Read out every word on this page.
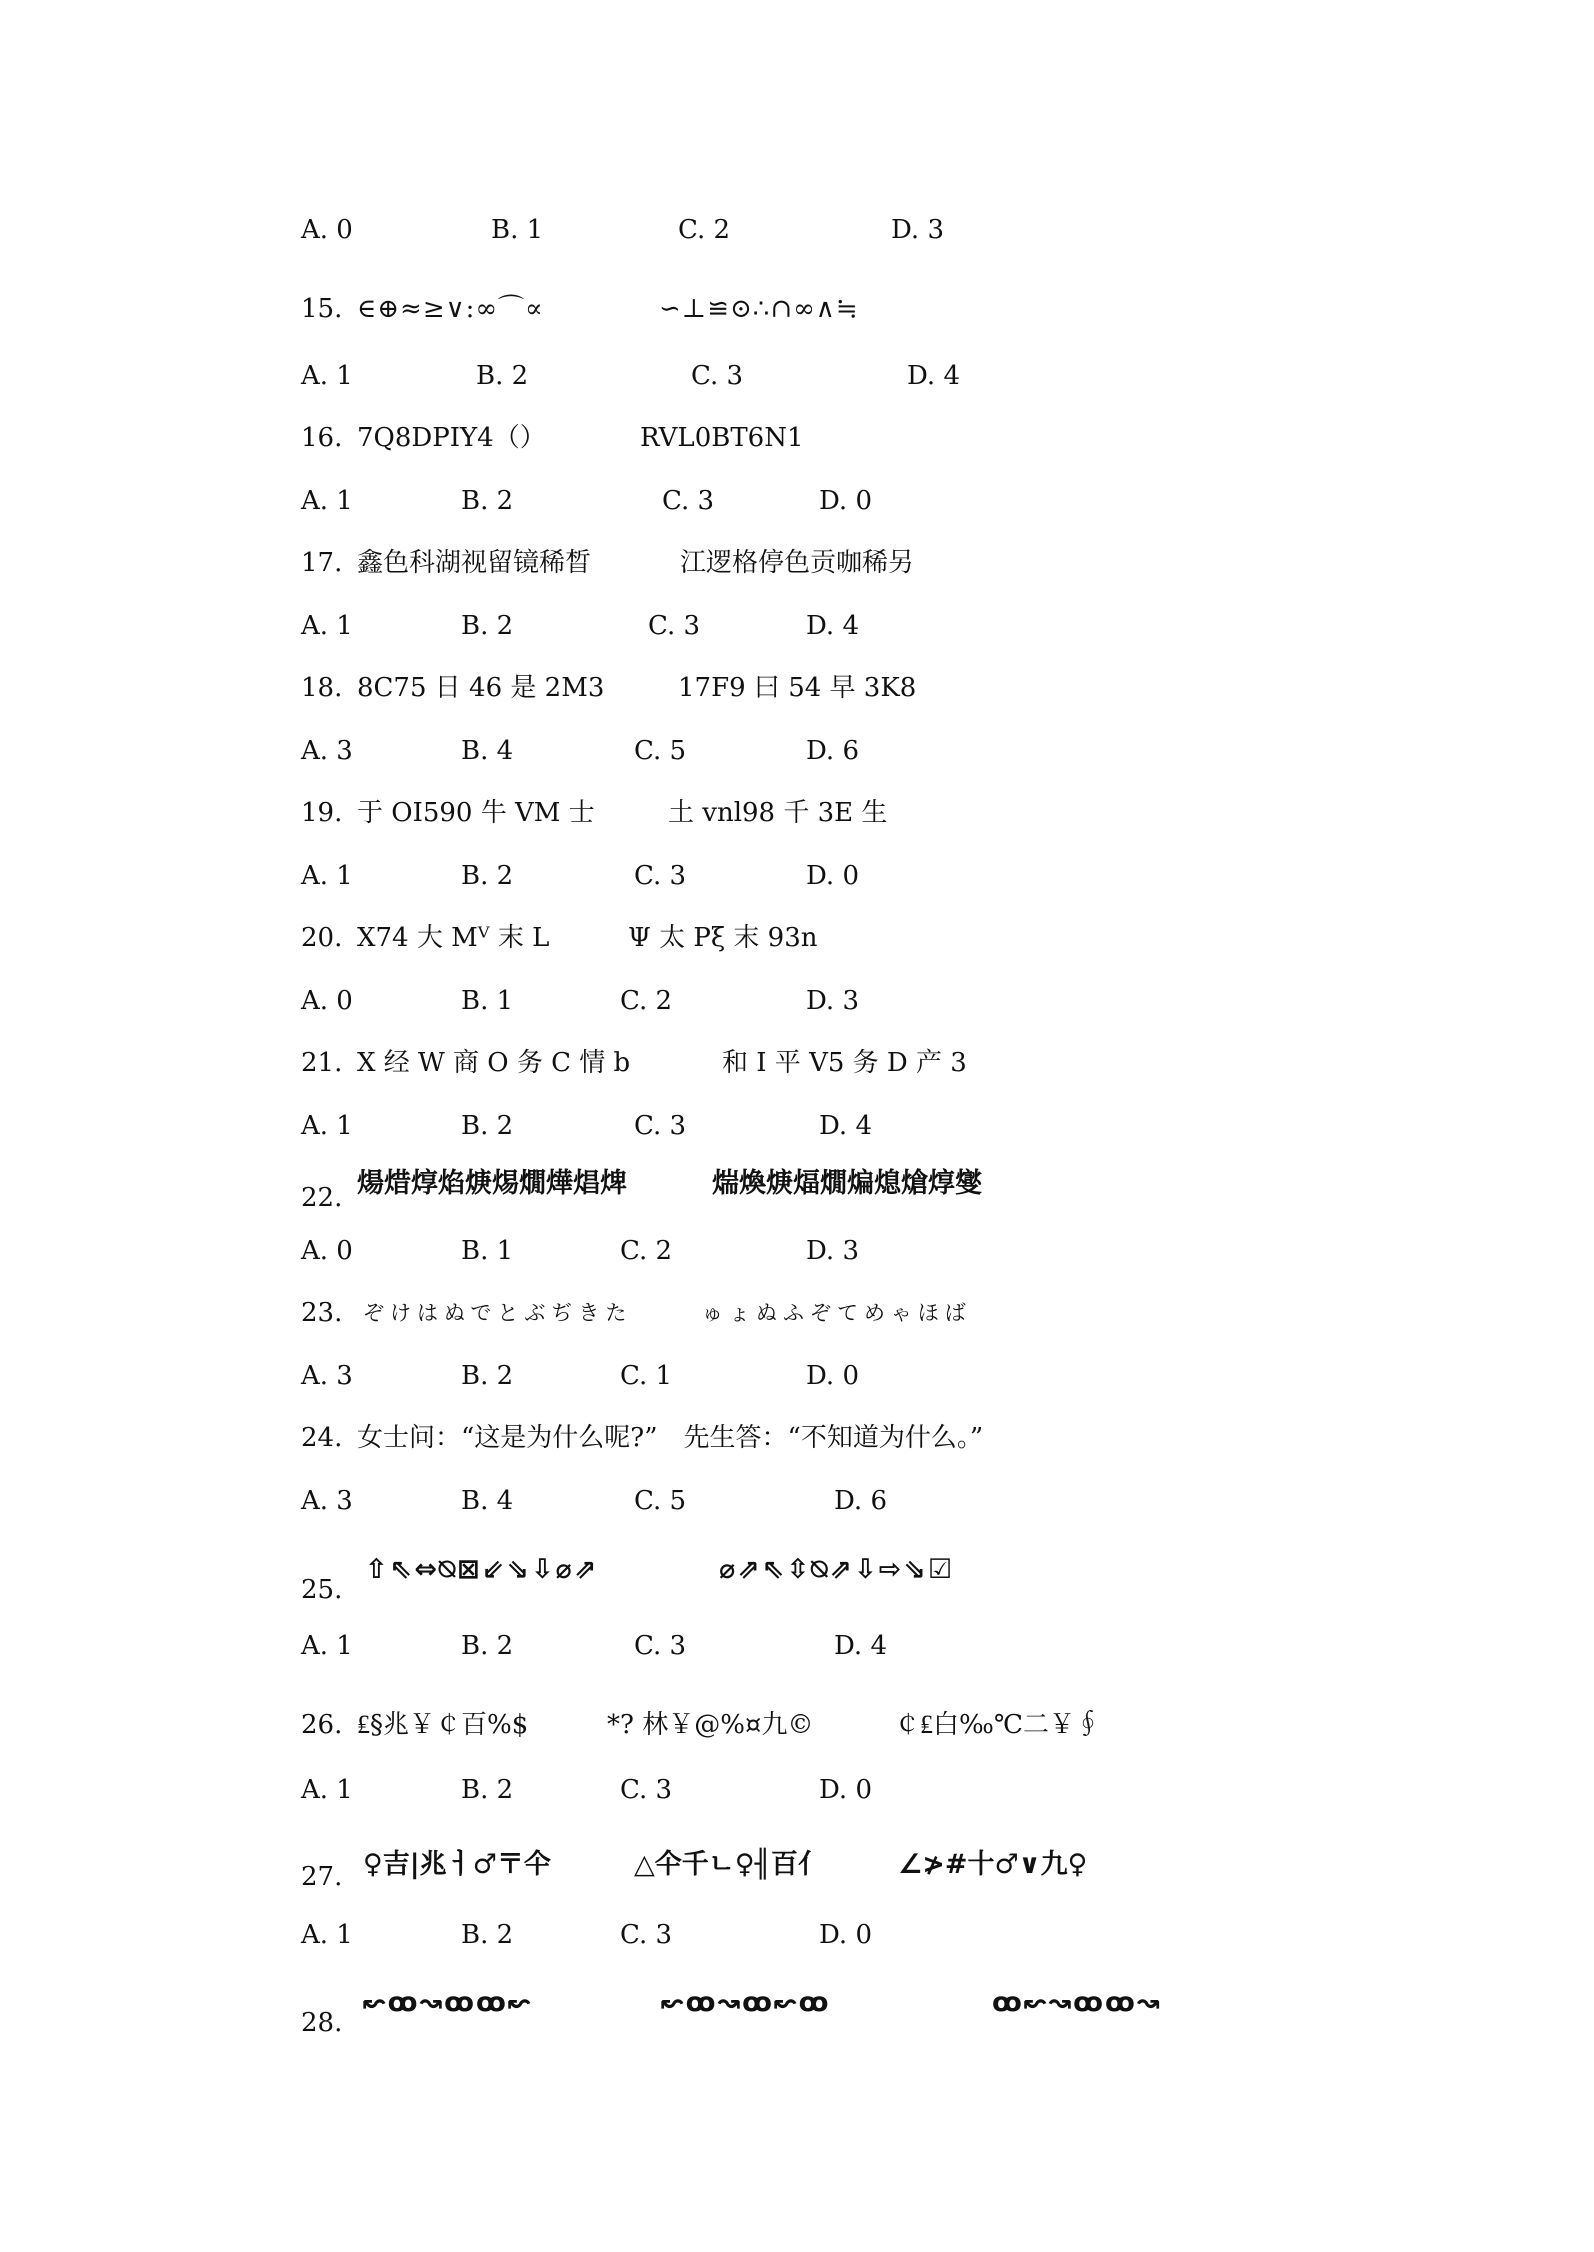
A. 0	B. 1	C. 2	D. 3
15. ∈⊕≈≥∨:∞⌒∝	∽⊥≌⊙∴∩∞∧≒
A. 1	B. 2	C. 3	D. 4
16. 7Q8DPIY4（）	RVL0BT6N1
A. 1	B. 2	C. 3	D. 0
17. 鑫色科湖视留镜稀晳	江逻格停色贡咖稀另
A. 1	B. 2	C. 3	D. 4
18. 8C75 日 46 是 2M3	17F9 曰 54 早 3K8
A. 3	B. 4	C. 5	D. 6
19. 于 OI590 牛 VM 士	土 vnl98 千 3E 生
A. 1	B. 2	C. 3	D. 0
20. X74 大 Mⱽ 末 L	Ψ 太 Pξ 末 93n
A. 0	B. 1	C. 2	D. 3
21. X 经 W 商 O 务 C 情 b	和 I 平 V5 务 D 产 3
A. 1	B. 2	C. 3	D. 4
22. 煬焟焞焰焿焬燗燁焻焷	煓煥焿煏燗煸熄熗焞燮
A. 0	B. 1	C. 2	D. 3
23. ぞけはぬでとぶぢきた	ゅょぬふぞてめゃほば
A. 3	B. 2	C. 1	D. 0
24. 女士问：“这是为什么呢?”　先生答：“不知道为什么。”
A. 3	B. 4	C. 5	D. 6
25.
⇧⇖⇔⍉⊠⇙⇘⇩⌀⇗	⌀⇗⇖⇳⍉⇗⇩⇨⇘☑
A. 1	B. 2	C. 3	D. 4
26. ₤§兆￥￠百%$	*? 林￥@%¤九©	￠₤白‰℃二￥∮
A. 1	B. 2	C. 3	D. 0
27. ♀吉|兆ㅓ♂〒仐	△仐千ㄴ♀╢百亻	∠≯#十♂∨九♀
A. 1	B. 2	C. 3	D. 0
28.
↜ꝏ↝ꝏꝏ↜	↜ꝏ↝ꝏ↜ꝏ	ꝏ↜↝ꝏꝏ↝
